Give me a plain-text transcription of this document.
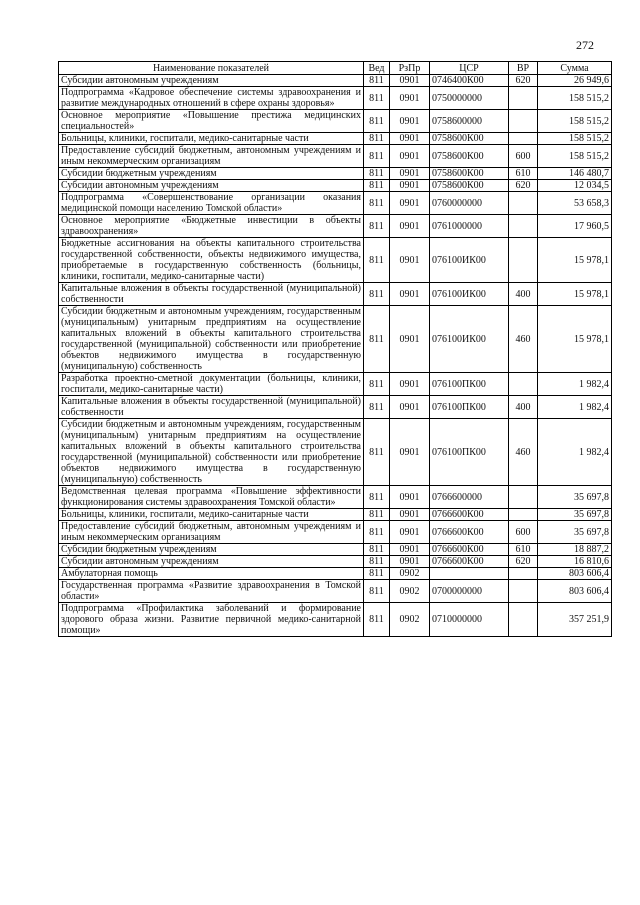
272
Наименование показателей	Вед	РзПр	ЦСР	ВР	Сумма
Субсидии автономным учреждениям	811	0901	0746400К00	620	26 949,6
Подпрограмма «Кадровое обеспечение системы здравоохранения и развитие международных отношений в сфере охраны здоровья»	811	0901	0750000000		158 515,2
Основное мероприятие «Повышение престижа медицинских специальностей»	811	0901	0758600000		158 515,2
Больницы, клиники, госпитали, медико-санитарные части	811	0901	0758600К00		158 515,2
Предоставление субсидий бюджетным, автономным учреждениям и иным некоммерческим организациям	811	0901	0758600К00	600	158 515,2
Субсидии бюджетным учреждениям	811	0901	0758600К00	610	146 480,7
Субсидии автономным учреждениям	811	0901	0758600К00	620	12 034,5
Подпрограмма «Совершенствование организации оказания медицинской помощи населению Томской области»	811	0901	0760000000		53 658,3
Основное мероприятие «Бюджетные инвестиции в объекты здравоохранения»	811	0901	0761000000		17 960,5
Бюджетные ассигнования на объекты капитального строительства государственной собственности, объекты недвижимого имущества, приобретаемые в государственную собственность (больницы, клиники, госпитали, медико-санитарные части)	811	0901	076100ИК00		15 978,1
Капитальные вложения в объекты государственной (муниципальной) собственности	811	0901	076100ИК00	400	15 978,1
Субсидии бюджетным и автономным учреждениям, государственным (муниципальным) унитарным предприятиям на осуществление капитальных вложений в объекты капитального строительства государственной (муниципальной) собственности или приобретение объектов недвижимого имущества в государственную (муниципальную) собственность	811	0901	076100ИК00	460	15 978,1
Разработка проектно-сметной документации (больницы, клиники, госпитали, медико-санитарные части)	811	0901	076100ПК00		1 982,4
Капитальные вложения в объекты государственной (муниципальной) собственности	811	0901	076100ПК00	400	1 982,4
Субсидии бюджетным и автономным учреждениям, государственным (муниципальным) унитарным предприятиям на осуществление капитальных вложений в объекты капитального строительства государственной (муниципальной) собственности или приобретение объектов недвижимого имущества в государственную (муниципальную) собственность	811	0901	076100ПК00	460	1 982,4
Ведомственная целевая программа «Повышение эффективности функционирования системы здравоохранения Томской области»	811	0901	0766600000		35 697,8
Больницы, клиники, госпитали, медико-санитарные части	811	0901	0766600К00		35 697,8
Предоставление субсидий бюджетным, автономным учреждениям и иным некоммерческим организациям	811	0901	0766600К00	600	35 697,8
Субсидии бюджетным учреждениям	811	0901	0766600К00	610	18 887,2
Субсидии автономным учреждениям	811	0901	0766600К00	620	16 810,6
Амбулаторная помощь	811	0902			803 606,4
Государственная программа «Развитие здравоохранения в Томской области»	811	0902	0700000000		803 606,4
Подпрограмма «Профилактика заболеваний и формирование здорового образа жизни. Развитие первичной медико-санитарной помощи»	811	0902	0710000000		357 251,9
